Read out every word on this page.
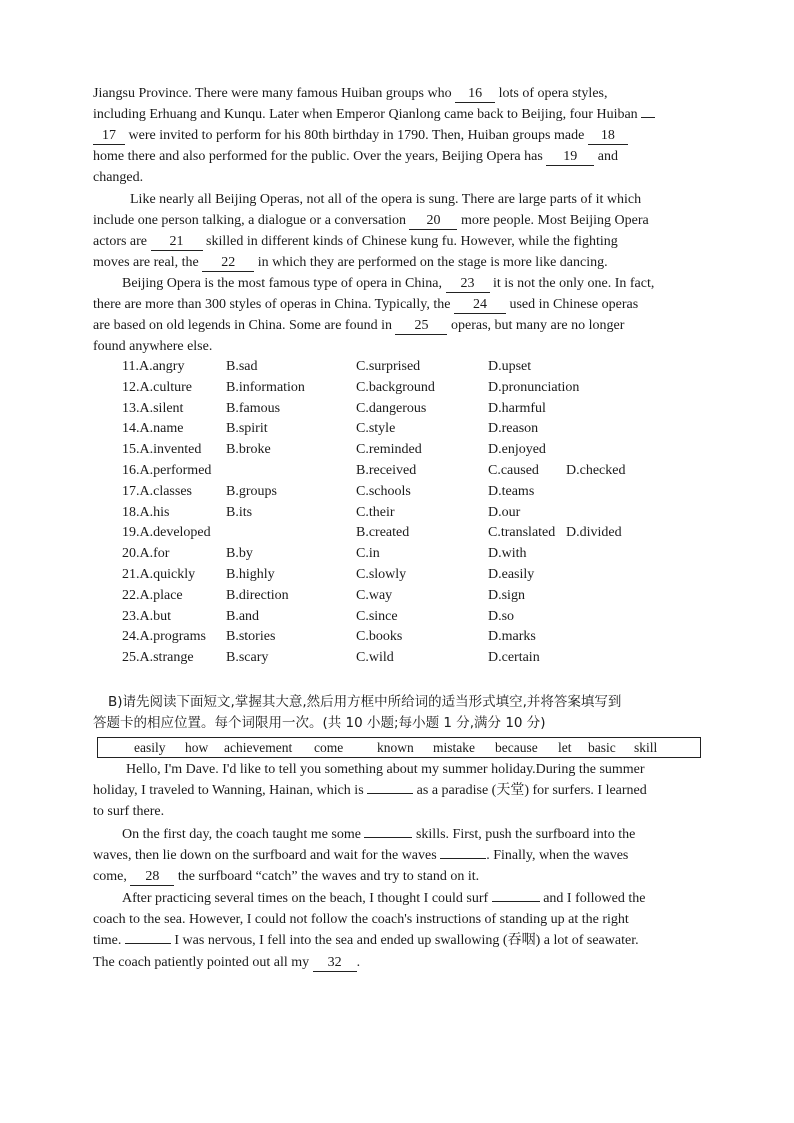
Jiangsu Province. There were many famous Huiban groups who 16 lots of opera styles,
including Erhuang and Kunqu. Later when Emperor Qianlong came back to Beijing, four Huiban
17 were invited to perform for his 80th birthday in 1790. Then, Huiban groups made 18
home there and also performed for the public. Over the years, Beijing Opera has 19 and
changed.
Like nearly all Beijing Operas, not all of the opera is sung. There are large parts of it which
include one person talking, a dialogue or a conversation 20 more people. Most Beijing Opera
actors are 21 skilled in different kinds of Chinese kung fu. However, while the fighting
moves are real, the 22 in which they are performed on the stage is more like dancing.
Beijing Opera is the most famous type of opera in China, 23 it is not the only one. In fact,
there are more than 300 styles of operas in China. Typically, the 24 used in Chinese operas
are based on old legends in China. Some are found in 25 operas, but many are no longer
found anywhere else.
11.A.angry	B.sad	C.surprised	D.upset
12.A.culture B.information	C.background	D.pronunciation
13.A.silent	B.famous	C.dangerous	D.harmful
14.A.name	B.spirit	C.style	D.reason
15.A.invented B.broke	C.reminded	D.enjoyed
16.A.performed	B.received	C.caused D.checked
17.A.classes B.groups	C.schools	D.teams
18.A.his	B.its	C.their	D.our
19.A.developed	B.created	C.translated D.divided
20.A.for	B.by	C.in	D.with
21.A.quickly B.highly	C.slowly	D.easily
22.A.place	B.direction	C.way	D.sign
23.A.but	B.and	C.since	D.so
24.A.programs B.stories	C.books	D.marks
25.A.strange B.scary	C.wild	D.certain
B)请先阅读下面短文,掌握其大意,然后用方框中所给词的适当形式填空,并将答案填写到
答题卡的相应位置。每个词限用一次。(共 10 小题;每小题 1 分,满分 10 分)
easily how achievement come	known mistake because let basic skill
Hello, I'm Dave. I'd like to tell you something about my summer holiday.During the summer
holiday, I traveled to Wanning, Hainan, which is	as a paradise (天堂) for surfers. I learned
to surf there.
On the first day, the coach taught me some	skills. First, push the surfboard into the
waves, then lie down on the surfboard and wait for the waves	. Finally, when the waves
come, 28 the surfboard “catch” the waves and try to stand on it.
After practicing several times on the beach, I thought I could surf	and I followed the
coach to the sea. However, I could not follow the coach's instructions of standing up at the right
time.	I was nervous, I fell into the sea and ended up swallowing (吞咽) a lot of seawater.
The coach patiently pointed out all my 32 .
